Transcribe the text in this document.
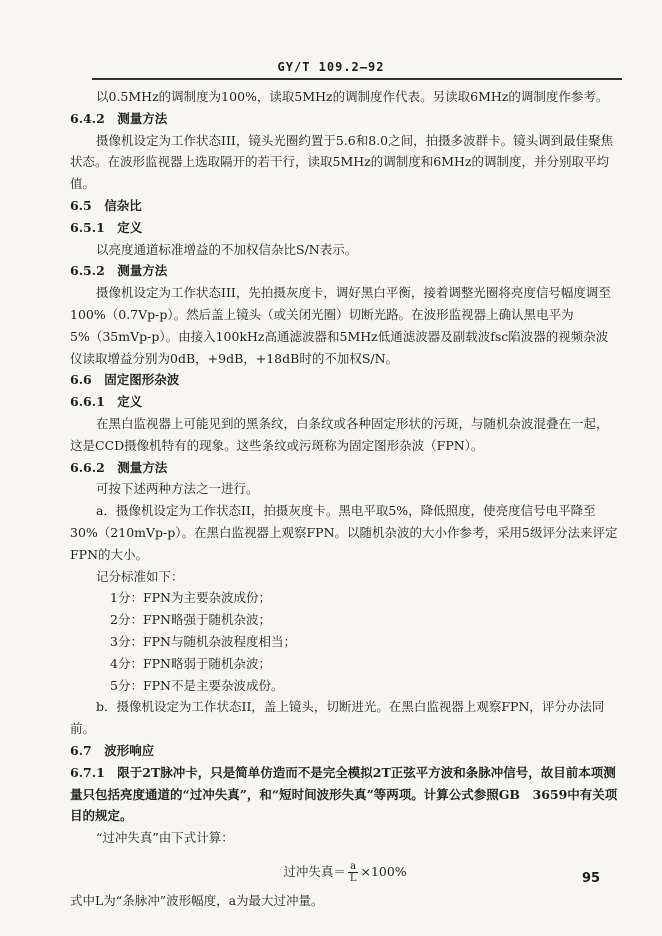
GY/T 109.2—92

以0.5MHz的调制度为100%，读取5MHz的调制度作代表。另读取6MHz的调制度作参考。

6.4.2　测量方法

摄像机设定为工作状态III，镜头光圈约置于5.6和8.0之间，拍摄多波群卡。镜头调到最佳聚焦状态。在波形监视器上选取隔开的若干行，读取5MHz的调制度和6MHz的调制度，并分别取平均值。

6.5　信杂比

6.5.1　定义

以亮度通道标准增益的不加权信杂比S/N表示。

6.5.2　测量方法

摄像机设定为工作状态III，先拍摄灰度卡，调好黑白平衡，接着调整光圈将亮度信号幅度调至100%（0.7Vp-p）。然后盖上镜头（或关闭光圈）切断光路。在波形监视器上确认黑电平为5%（35mVp-p）。由接入100kHz高通滤波器和5MHz低通滤波器及副载波fsc陷波器的视频杂波仪读取增益分别为0dB，+9dB，+18dB时的不加权S/N。

6.6　固定图形杂波

6.6.1　定义

在黑白监视器上可能见到的黑条纹，白条纹或各种固定形状的污斑，与随机杂波混叠在一起，这是CCD摄像机特有的现象。这些条纹或污斑称为固定图形杂波（FPN）。

6.6.2　测量方法

可按下述两种方法之一进行。

a．摄像机设定为工作状态II，拍摄灰度卡。黑电平取5%，降低照度，使亮度信号电平降至30%（210mVp-p）。在黑白监视器上观察FPN。以随机杂波的大小作参考，采用5级评分法来评定FPN的大小。

记分标准如下：

1分：FPN为主要杂波成份；

2分：FPN略强于随机杂波；

3分：FPN与随机杂波程度相当；

4分：FPN略弱于随机杂波；

5分：FPN不是主要杂波成份。

b．摄像机设定为工作状态II，盖上镜头，切断进光。在黑白监视器上观察FPN，评分办法同前。

6.7　波形响应

6.7.1　限于2T脉冲卡，只是简单仿造而不是完全模拟2T正弦平方波和条脉冲信号，故目前本项测量只包括亮度通道的“过冲失真”，和“短时间波形失真”等两项。计算公式参照GB　3659中有关项目的规定。

“过冲失真”由下式计算：

过冲失真＝ $\frac{a}{L} \times 100\%$

式中L为“条脉冲”波形幅度，a为最大过冲量。

95
